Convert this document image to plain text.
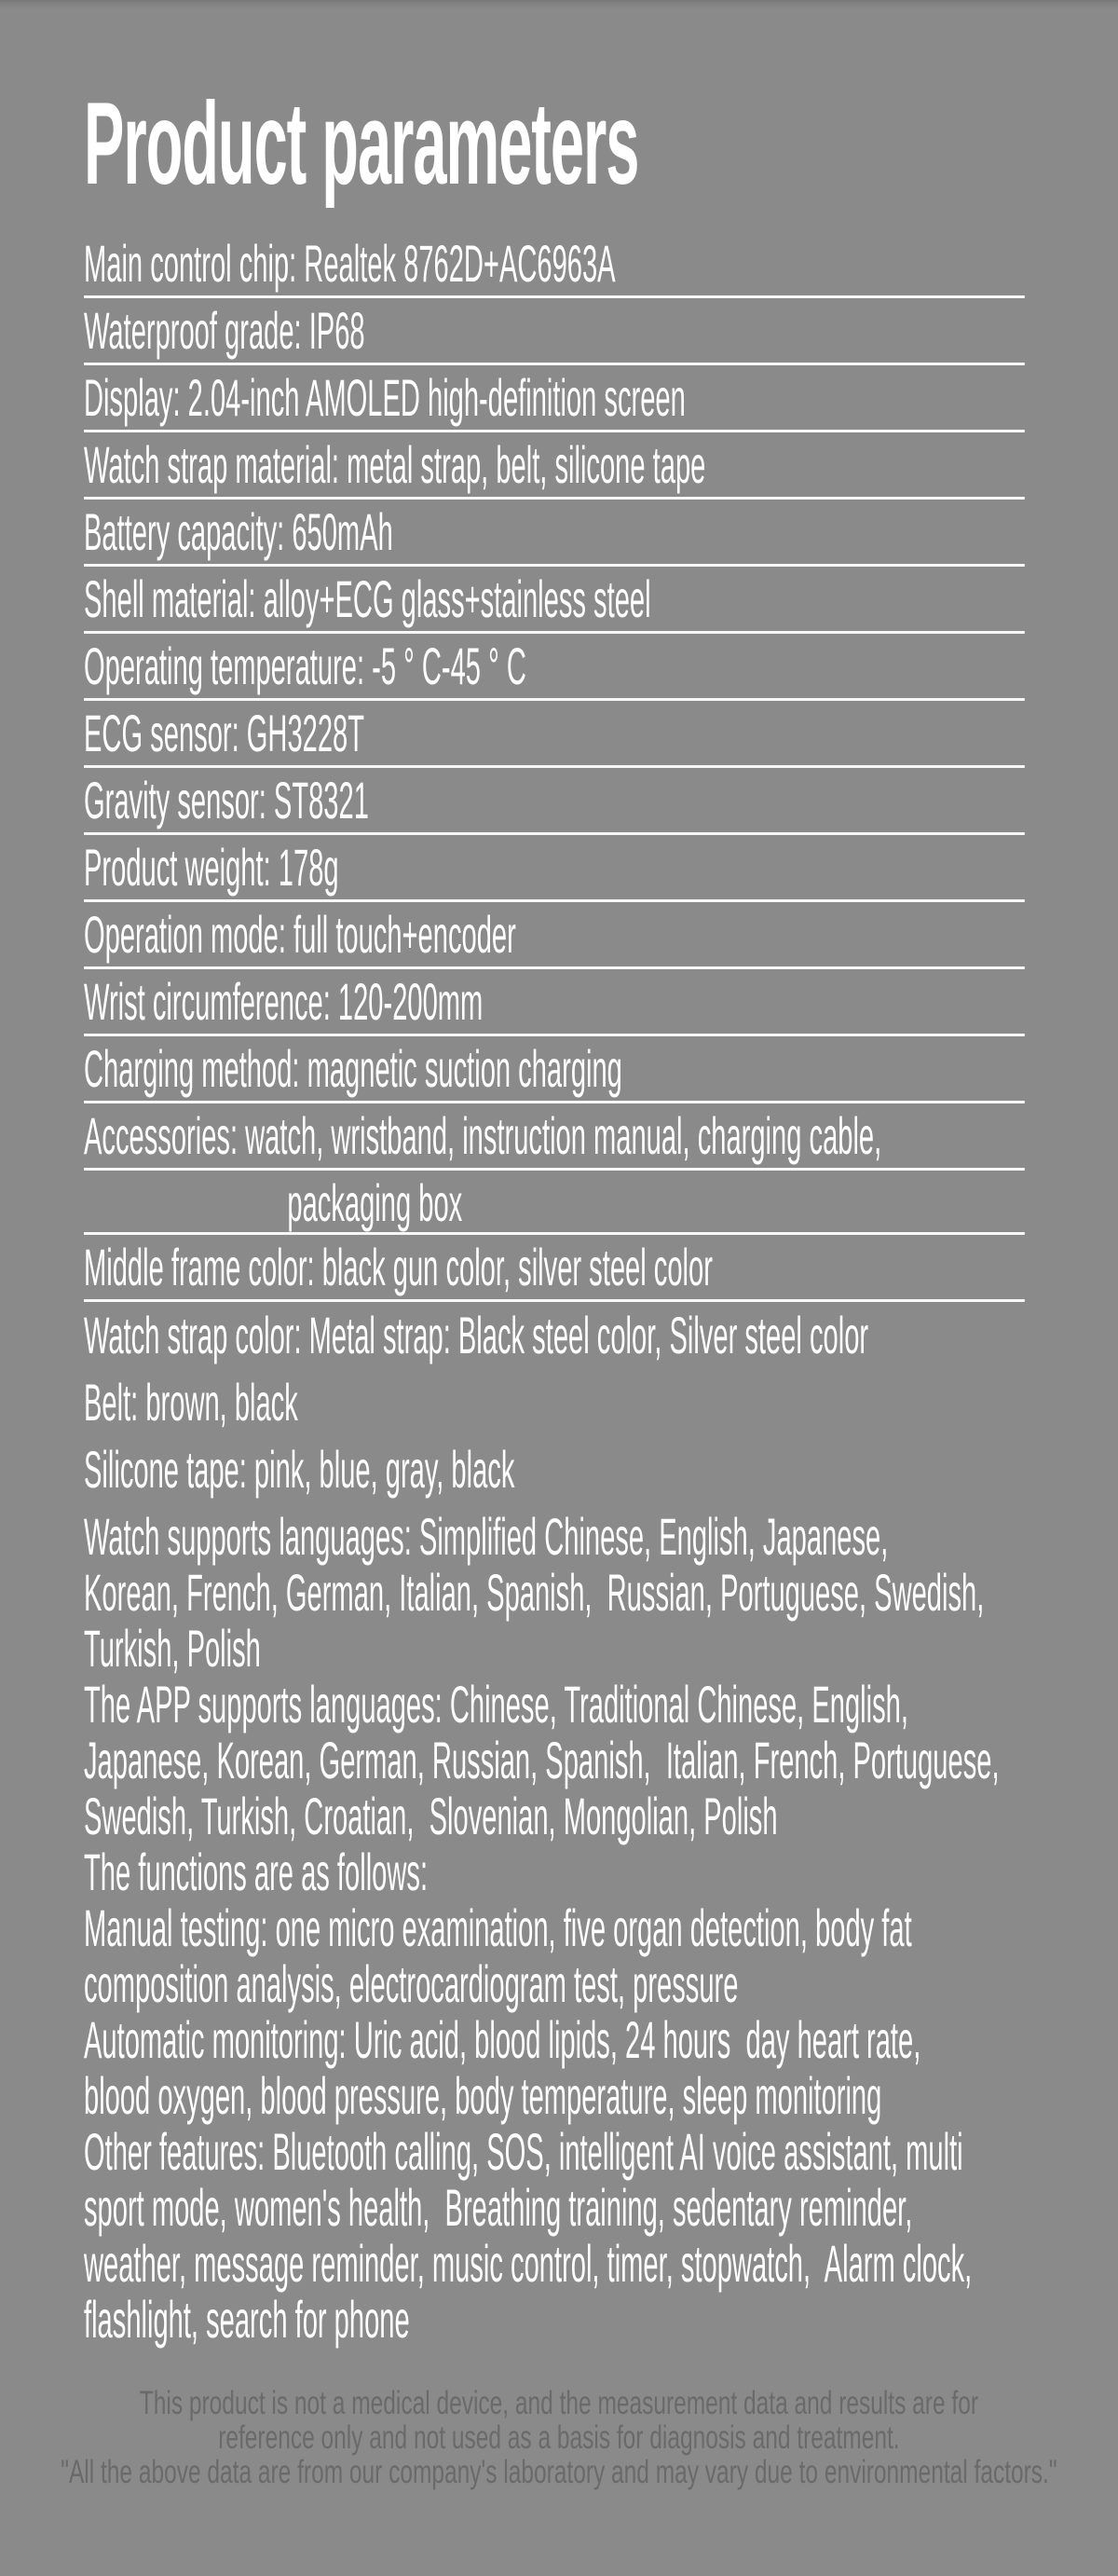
Product parameters
Main control chip: Realtek 8762D+AC6963A
Waterproof grade: IP68
Display: 2.04-inch AMOLED high-definition screen
Watch strap material: metal strap, belt, silicone tape
Battery capacity: 650mAh
Shell material: alloy+ECG glass+stainless steel
Operating temperature: -5 ° C-45 ° C
ECG sensor: GH3228T
Gravity sensor: ST8321
Product weight: 178g
Operation mode: full touch+encoder
Wrist circumference: 120-200mm
Charging method: magnetic suction charging
Accessories: watch, wristband, instruction manual, charging cable,
packaging box
Middle frame color: black gun color, silver steel color
Watch strap color: Metal strap: Black steel color, Silver steel color
Belt: brown, black
Silicone tape: pink, blue, gray, black
Watch supports languages: Simplified Chinese, English, Japanese,
Korean, French, German, Italian, Spanish,  Russian, Portuguese, Swedish,
Turkish, Polish
The APP supports languages: Chinese, Traditional Chinese, English,
Japanese, Korean, German, Russian, Spanish,  Italian, French, Portuguese,
Swedish, Turkish, Croatian,  Slovenian, Mongolian, Polish
The functions are as follows:
Manual testing: one micro examination, five organ detection, body fat
composition analysis, electrocardiogram test, pressure
Automatic monitoring: Uric acid, blood lipids, 24 hours  day heart rate,
blood oxygen, blood pressure, body temperature, sleep monitoring
Other features: Bluetooth calling, SOS, intelligent AI voice assistant, multi
sport mode, women's health,  Breathing training, sedentary reminder,
weather, message reminder, music control, timer, stopwatch,  Alarm clock,
flashlight, search for phone
This product is not a medical device, and the measurement data and results are for
reference only and not used as a basis for diagnosis and treatment.
"All the above data are from our company's laboratory and may vary due to environmental factors."
